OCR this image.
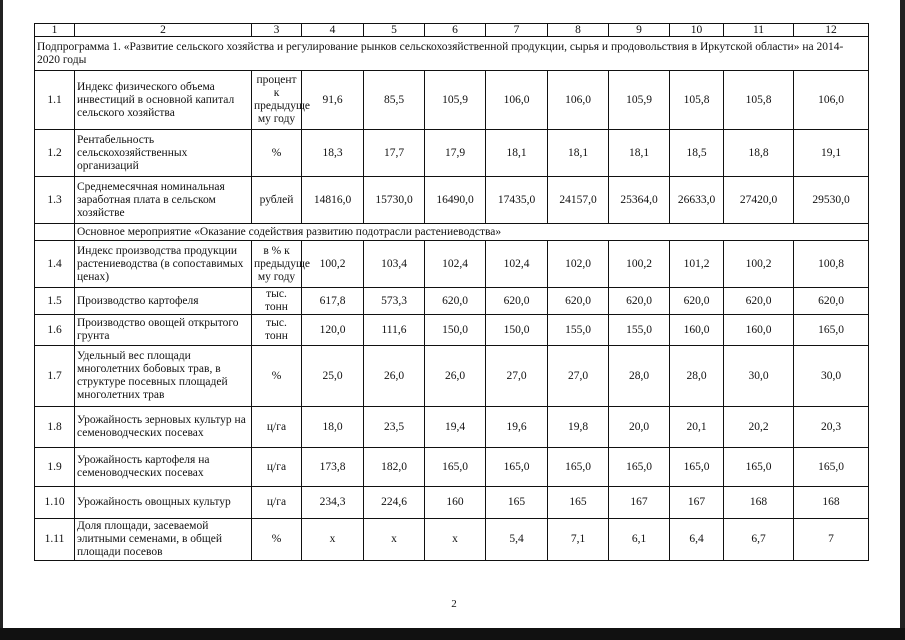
1	2	3	4	5	6	7	8	9	10	11	12
Подпрограмма 1. «Развитие сельского хозяйства и регулирование рынков сельскохозяйственной продукции, сырья и продовольствия в Иркутской области» на 2014-2020 годы											
1.1	Индекс физического объема инвестиций в основной капитал сельского хозяйства	процент к предыдуще му году	91,6	85,5	105,9	106,0	106,0	105,9	105,8	105,8	106,0
1.2	Рентабельность сельскохозяйственных организаций	%	18,3	17,7	17,9	18,1	18,1	18,1	18,5	18,8	19,1
1.3	Среднемесячная номинальная заработная плата в сельском хозяйстве	рублей	14816,0	15730,0	16490,0	17435,0	24157,0	25364,0	26633,0	27420,0	29530,0
	Основное мероприятие «Оказание содействия развитию подотрасли растениеводства»										
1.4	Индекс производства продукции растениеводства (в сопоставимых ценах)	в % к предыдуще му году	100,2	103,4	102,4	102,4	102,0	100,2	101,2	100,2	100,8
1.5	Производство картофеля	тыс. тонн	617,8	573,3	620,0	620,0	620,0	620,0	620,0	620,0	620,0
1.6	Производство овощей открытого грунта	тыс. тонн	120,0	111,6	150,0	150,0	155,0	155,0	160,0	160,0	165,0
1.7	Удельный вес площади многолетних бобовых трав, в структуре посевных площадей многолетних трав	%	25,0	26,0	26,0	27,0	27,0	28,0	28,0	30,0	30,0
1.8	Урожайность зерновых культур на семеноводческих посевах	ц/га	18,0	23,5	19,4	19,6	19,8	20,0	20,1	20,2	20,3
1.9	Урожайность картофеля на семеноводческих посевах	ц/га	173,8	182,0	165,0	165,0	165,0	165,0	165,0	165,0	165,0
1.10	Урожайность овощных культур	ц/га	234,3	224,6	160	165	165	167	167	168	168
1.11	Доля площади, засеваемой элитными семенами, в общей площади посевов	%	х	х	х	5,4	7,1	6,1	6,4	6,7	7
2
